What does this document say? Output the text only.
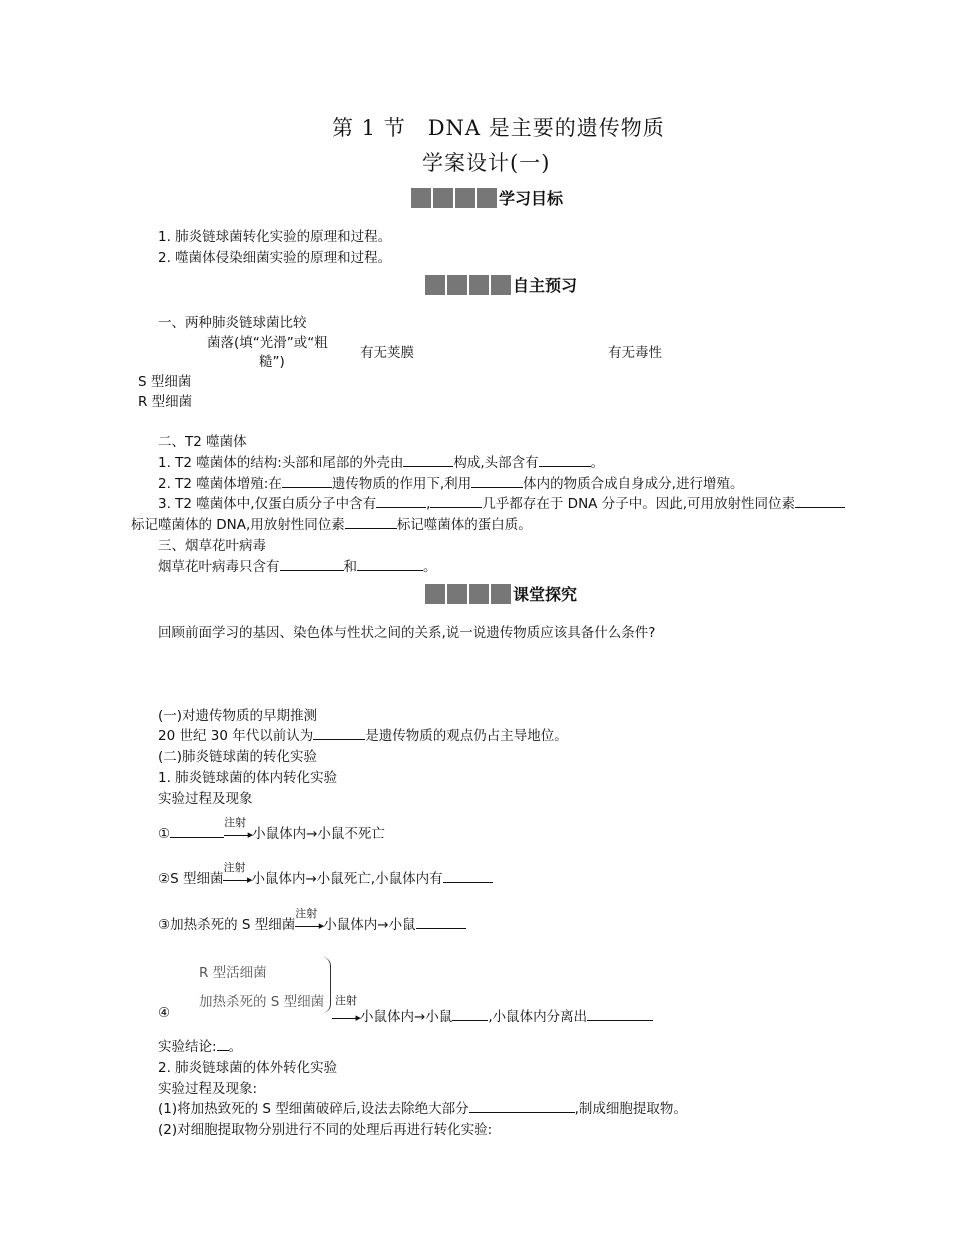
第 1 节　DNA 是主要的遗传物质
学案设计(一)
学习目标
1. 肺炎链球菌转化实验的原理和过程。
2. 噬菌体侵染细菌实验的原理和过程。
自主预习
一、两种肺炎链球菌比较
菌落(填“光滑”或“粗
糙”)
有无荚膜	有无毒性
S 型细菌
R 型细菌
二、T2 噬菌体
1. T2 噬菌体的结构:头部和尾部的外壳由	构成,头部含有	。
2. T2 噬菌体增殖:在	遗传物质的作用下,利用	体内的物质合成自身成分,进行增殖。
3. T2 噬菌体中,仅蛋白质分子中含有	,	几乎都存在于 DNA 分子中。因此,可用放射性同位素
标记噬菌体的 DNA,用放射性同位素	标记噬菌体的蛋白质。
三、烟草花叶病毒
烟草花叶病毒只含有	和	。
课堂探究
回顾前面学习的基因、染色体与性状之间的关系,说一说遗传物质应该具备什么条件?
(一)对遗传物质的早期推测
20 世纪 30 年代以前认为	是遗传物质的观点仍占主导地位。
(二)肺炎链球菌的转化实验
1. 肺炎链球菌的体内转化实验
实验过程及现象
①
注射
▸ 小鼠体内→小鼠不死亡
②S 型细菌
注射
▸ 小鼠体内→小鼠死亡,小鼠体内有
③加热杀死的 S 型细菌
注射
▸ 小鼠体内→小鼠
R 型活细菌
加热杀死的 S 型细菌 注射
④	▸ 小鼠体内→小鼠	,小鼠体内分离出
实验结论: 。
2. 肺炎链球菌的体外转化实验
实验过程及现象:
(1)将加热致死的 S 型细菌破碎后,设法去除绝大部分	,制成细胞提取物。
(2)对细胞提取物分别进行不同的处理后再进行转化实验:
